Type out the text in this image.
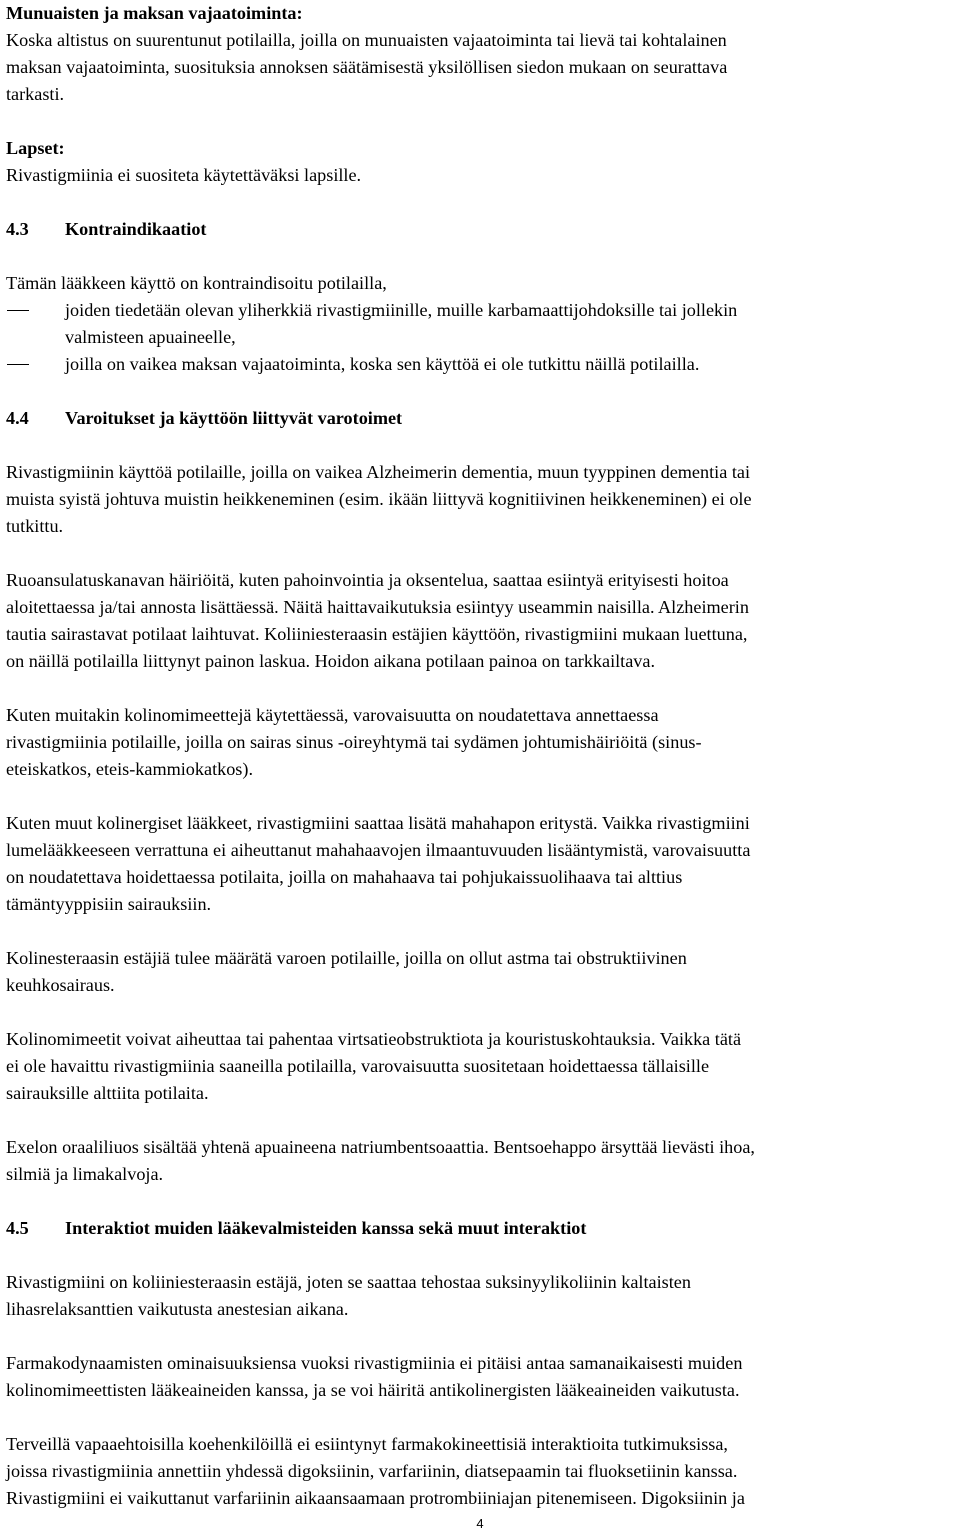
Munuaisten ja maksan vajaatoiminta:
Koska altistus on suurentunut potilailla, joilla on munuaisten vajaatoiminta tai lievä tai kohtalainen
maksan vajaatoiminta, suosituksia annoksen säätämisestä yksilöllisen siedon mukaan on seurattava
tarkasti.
Lapset:
Rivastigmiinia ei suositeta käytettäväksi lapsille.
4.3	Kontraindikaatiot
Tämän lääkkeen käyttö on kontraindisoitu potilailla,
joiden tiedetään olevan yliherkkiä rivastigmiinille, muille karbamaattijohdoksille tai jollekin
valmisteen apuaineelle,
joilla on vaikea maksan vajaatoiminta, koska sen käyttöä ei ole tutkittu näillä potilailla.
4.4	Varoitukset ja käyttöön liittyvät varotoimet
Rivastigmiinin käyttöä potilaille, joilla on vaikea Alzheimerin dementia, muun tyyppinen dementia tai
muista syistä johtuva muistin heikkeneminen (esim. ikään liittyvä kognitiivinen heikkeneminen) ei ole
tutkittu.
Ruoansulatuskanavan häiriöitä, kuten pahoinvointia ja oksentelua, saattaa esiintyä erityisesti hoitoa
aloitettaessa ja/tai annosta lisättäessä. Näitä haittavaikutuksia esiintyy useammin naisilla. Alzheimerin
tautia sairastavat potilaat laihtuvat. Koliiniesteraasin estäjien käyttöön, rivastigmiini mukaan luettuna,
on näillä potilailla liittynyt painon laskua. Hoidon aikana potilaan painoa on tarkkailtava.
Kuten muitakin kolinomimeettejä käytettäessä, varovaisuutta on noudatettava annettaessa
rivastigmiinia potilaille, joilla on sairas sinus -oireyhtymä tai sydämen johtumishäiriöitä (sinus-
eteiskatkos, eteis-kammiokatkos).
Kuten muut kolinergiset lääkkeet, rivastigmiini saattaa lisätä mahahapon eritystä. Vaikka rivastigmiini
lumelääkkeeseen verrattuna ei aiheuttanut mahahaavojen ilmaantuvuuden lisääntymistä, varovaisuutta
on noudatettava hoidettaessa potilaita, joilla on mahahaava tai pohjukaissuolihaava tai alttius
tämäntyyppisiin sairauksiin.
Kolinesteraasin estäjiä tulee määrätä varoen potilaille, joilla on ollut astma tai obstruktiivinen
keuhkosairaus.
Kolinomimeetit voivat aiheuttaa tai pahentaa virtsatieobstruktiota ja kouristuskohtauksia. Vaikka tätä
ei ole havaittu rivastigmiinia saaneilla potilailla, varovaisuutta suositetaan hoidettaessa tällaisille
sairauksille alttiita potilaita.
Exelon oraaliliuos sisältää yhtenä apuaineena natriumbentsoaattia. Bentsoehappo ärsyttää lievästi ihoa,
silmiä ja limakalvoja.
4.5	Interaktiot muiden lääkevalmisteiden kanssa sekä muut interaktiot
Rivastigmiini on koliiniesteraasin estäjä, joten se saattaa tehostaa suksinyylikoliinin kaltaisten
lihasrelaksanttien vaikutusta anestesian aikana.
Farmakodynaamisten ominaisuuksiensa vuoksi rivastigmiinia ei pitäisi antaa samanaikaisesti muiden
kolinomimeettisten lääkeaineiden kanssa, ja se voi häiritä antikolinergisten lääkeaineiden vaikutusta.
Terveillä vapaaehtoisilla koehenkilöillä ei esiintynyt farmakokineettisiä interaktioita tutkimuksissa,
joissa rivastigmiinia annettiin yhdessä digoksiinin, varfariinin, diatsepaamin tai fluoksetiinin kanssa.
Rivastigmiini ei vaikuttanut varfariinin aikaansaamaan protrombiiniajan pitenemiseen. Digoksiinin ja
4
